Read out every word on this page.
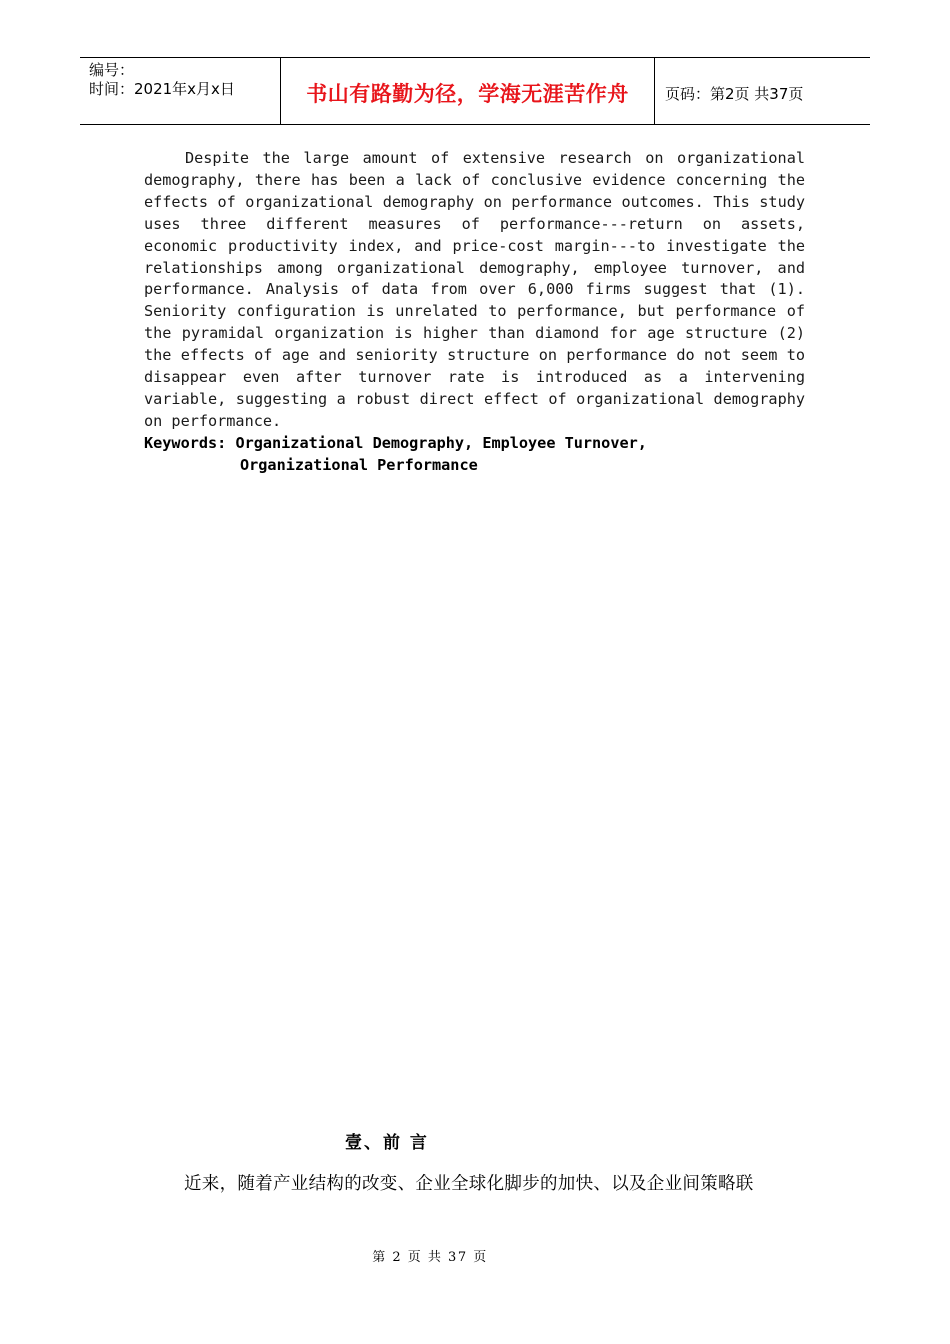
编号：
时间：2021年x月x日	书山有路勤为径，学海无涯苦作舟 页码：第2页 共37页

Despite the large amount of extensive research on organizational demography, there has been a lack of conclusive evidence concerning the effects of organizational demography on performance outcomes. This study uses three different measures of performance---return on assets, economic productivity index, and price-cost margin---to investigate the relationships among organizational demography, employee turnover, and performance. Analysis of data from over 6,000 firms suggest that (1). Seniority configuration is unrelated to performance, but performance of the pyramidal organization is higher than diamond for age structure (2) the effects of age and seniority structure on performance do not seem to disappear even after turnover rate is introduced as a intervening variable, suggesting a robust direct effect of organizational demography on performance.

Keywords: Organizational Demography, Employee Turnover,
Organizational Performance
壹、前 言
近来，随着产业结构的改变、企业全球化脚步的加快、以及企业间策略联
第 2 页 共 37 页
